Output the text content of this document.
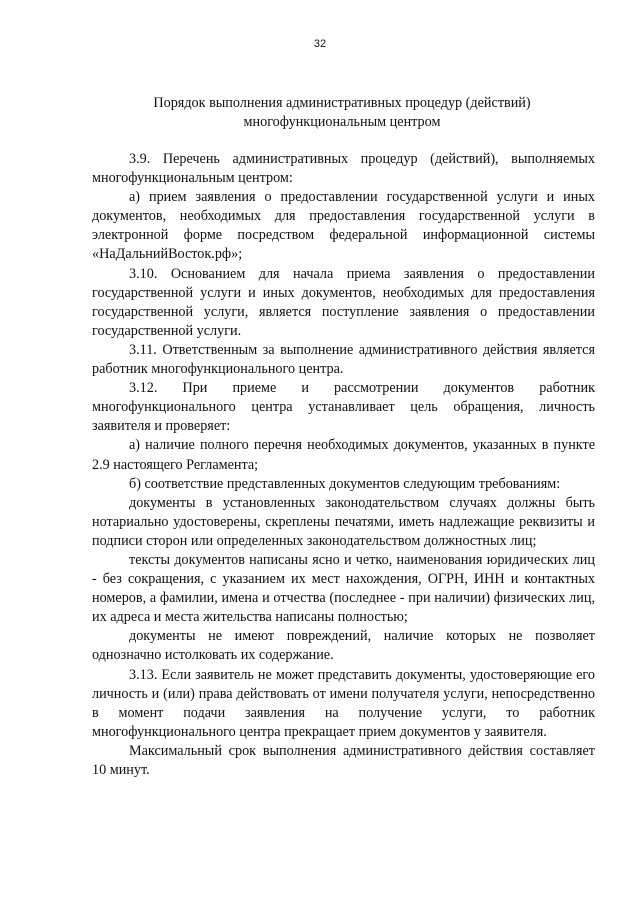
32
Порядок выполнения административных процедур (действий)
многофункциональным центром

3.9. Перечень административных процедур (действий), выполняемых многофункциональным центром:

а) прием заявления о предоставлении государственной услуги и иных документов, необходимых для предоставления государственной услуги в электронной форме посредством федеральной информационной системы «НаДальнийВосток.рф»;

3.10. Основанием для начала приема заявления о предоставлении государственной услуги и иных документов, необходимых для предоставления государственной услуги, является поступление заявления о предоставлении государственной услуги.

3.11. Ответственным за выполнение административного действия является работник многофункционального центра.

3.12. При приеме и рассмотрении документов работник многофункционального центра устанавливает цель обращения, личность заявителя и проверяет:

а) наличие полного перечня необходимых документов, указанных в пункте 2.9 настоящего Регламента;

б) соответствие представленных документов следующим требованиям:

документы в установленных законодательством случаях должны быть нотариально удостоверены, скреплены печатями, иметь надлежащие реквизиты и подписи сторон или определенных законодательством должностных лиц;

тексты документов написаны ясно и четко, наименования юридических лиц - без сокращения, с указанием их мест нахождения, ОГРН, ИНН и контактных номеров, а фамилии, имена и отчества (последнее - при наличии) физических лиц, их адреса и места жительства написаны полностью;

документы не имеют повреждений, наличие которых не позволяет однозначно истолковать их содержание.

3.13. Если заявитель не может представить документы, удостоверяющие его личность и (или) права действовать от имени получателя услуги, непосредственно в момент подачи заявления на получение услуги, то работник многофункционального центра прекращает прием документов у заявителя.

Максимальный срок выполнения административного действия составляет 10 минут.
